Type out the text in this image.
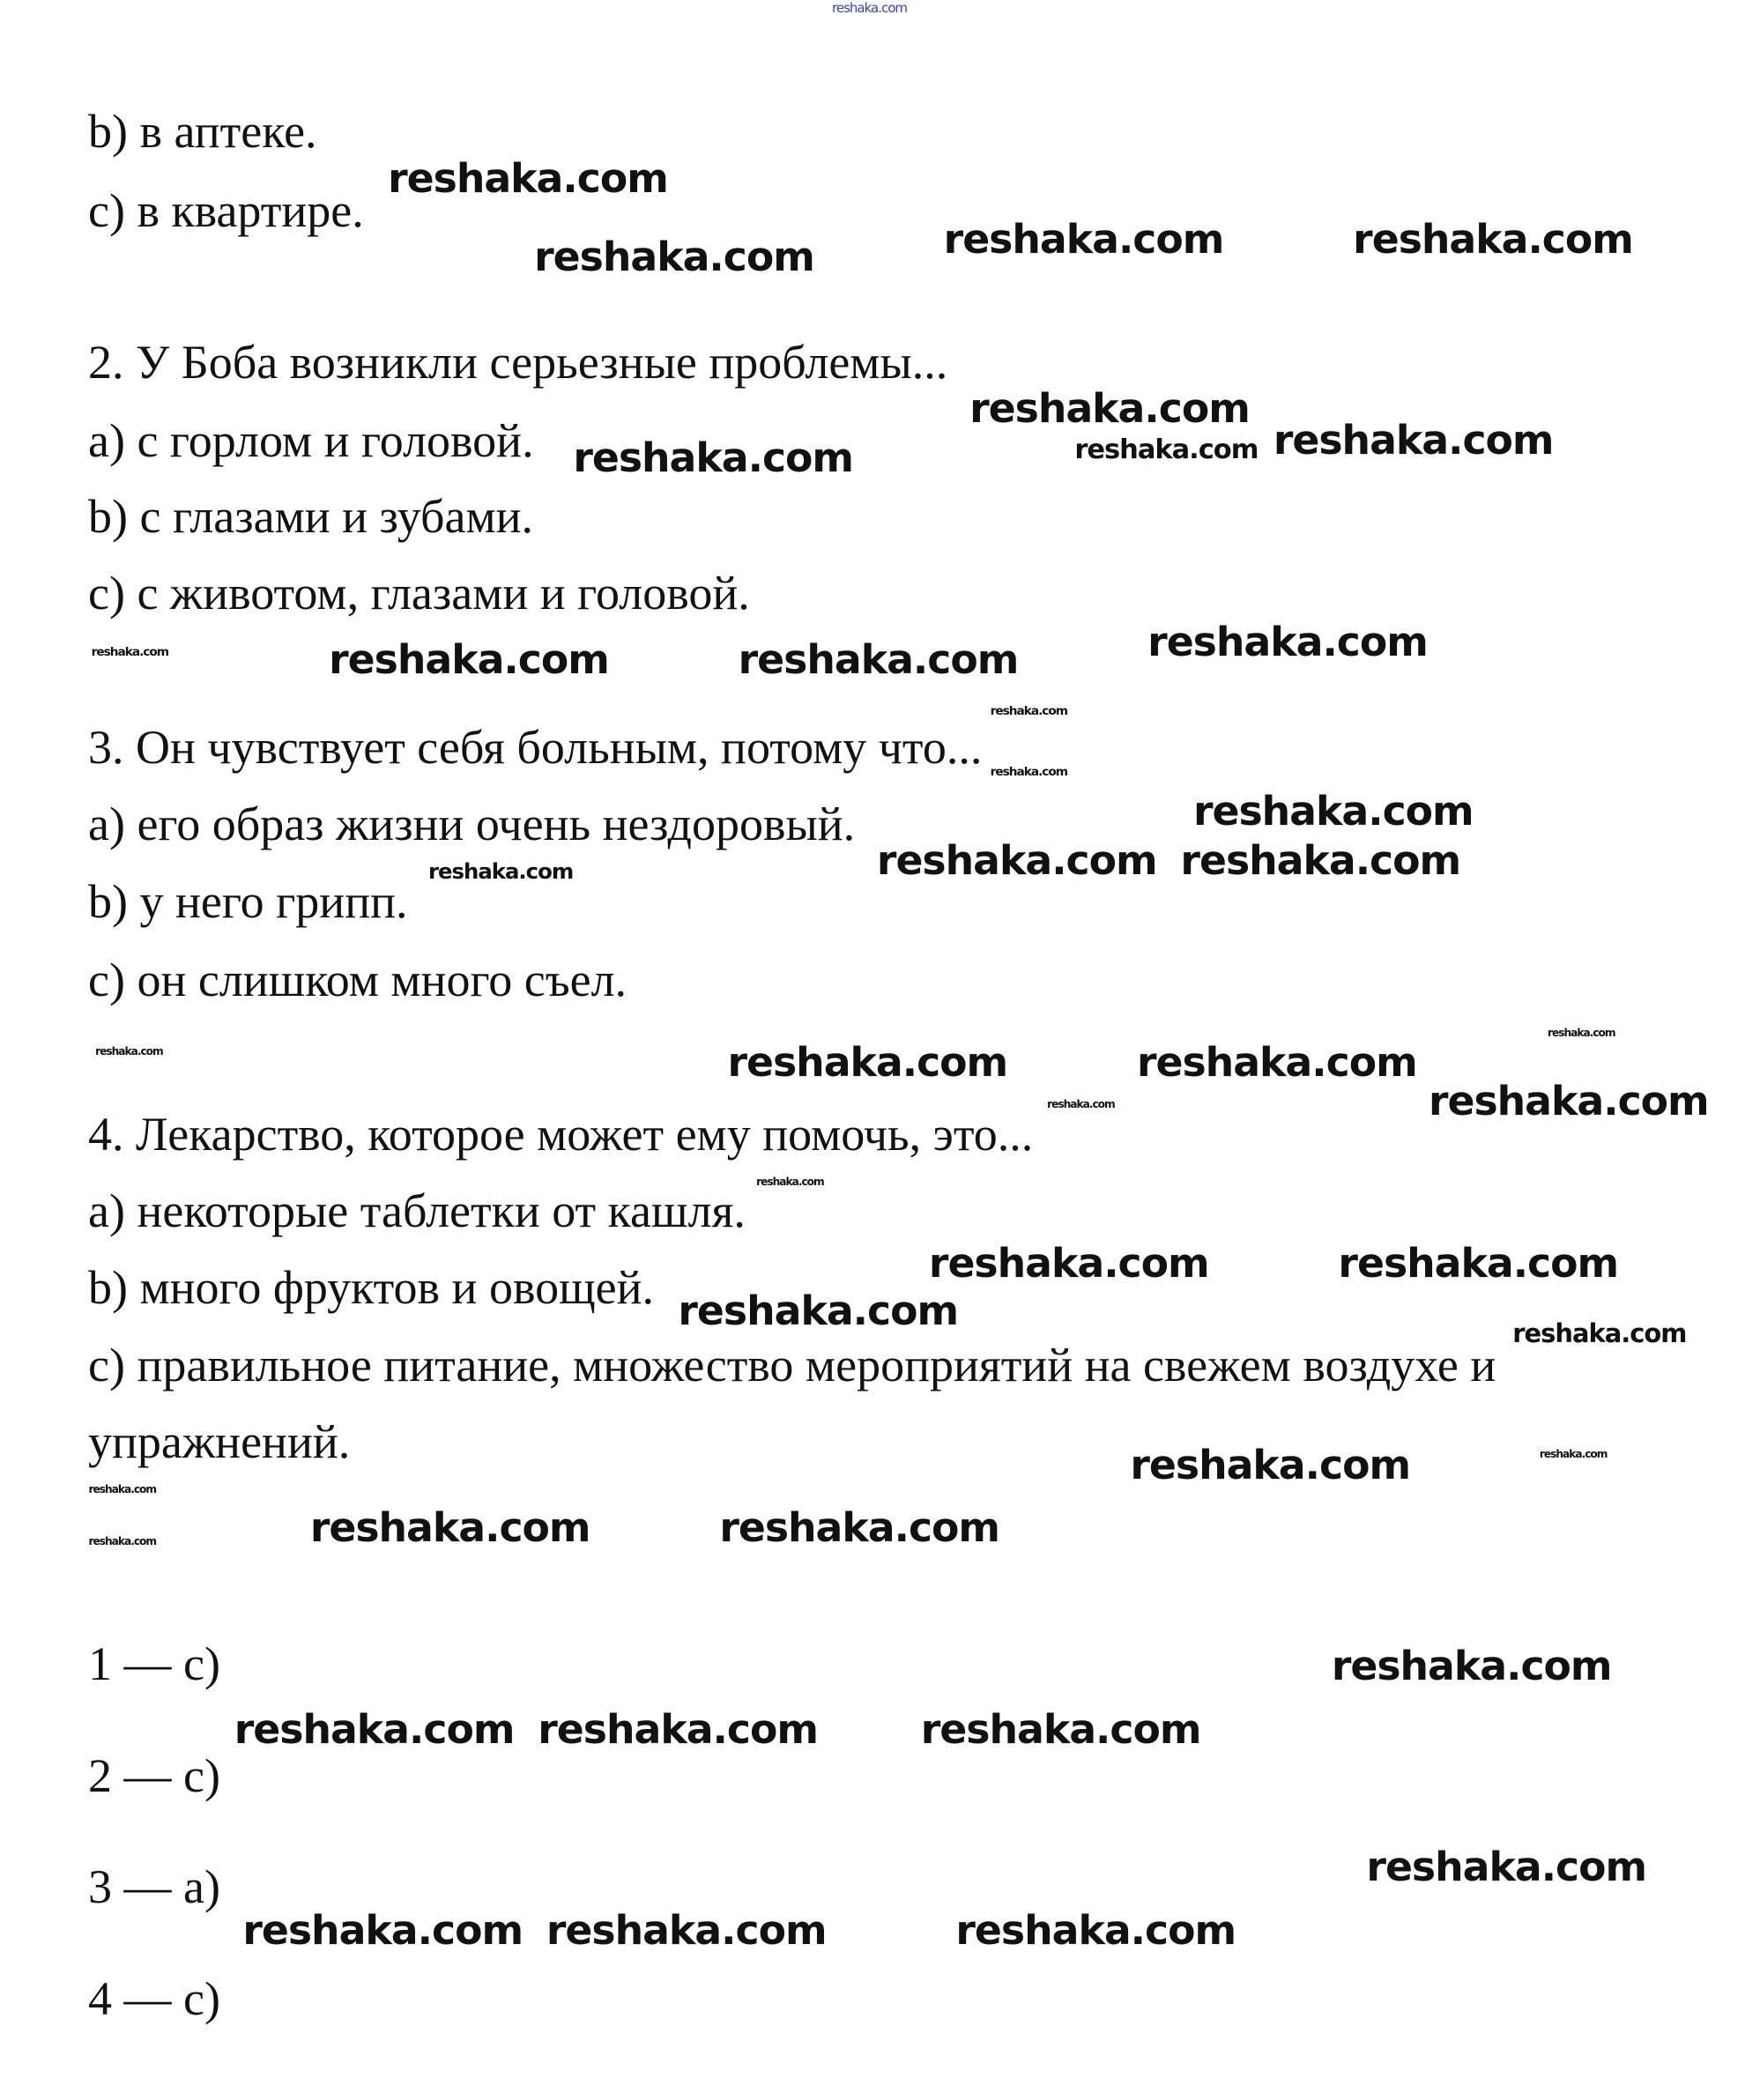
reshaka.com
b) в аптеке.
c) в квартире.
2. У Боба возникли серьезные проблемы...
a) с горлом и головой.
b) с глазами и зубами.
c) с животом, глазами и головой.
3. Он чувствует себя больным, потому что...
a) его образ жизни очень нездоровый.
b) у него грипп.
c) он слишком много съел.
4. Лекарство, которое может ему помочь, это...
a) некоторые таблетки от кашля.
b) много фруктов и овощей.
c) правильное питание, множество мероприятий на свежем воздухе и
упражнений.
1 — c)
2 — c)
3 — a)
4 — c)
reshaka.com
reshaka.com	reshaka.com	reshaka.com
reshaka.com
reshaka.com	reshaka.com
reshaka.com	reshaka.com	reshaka.com
reshaka.com reshaka.com
reshaka.com
reshaka.com	reshaka.com
reshaka.com
reshaka.com	reshaka.com
reshaka.com
reshaka.com
reshaka.com	reshaka.com
reshaka.com
reshaka.com reshaka.com	reshaka.com
reshaka.com
reshaka.com reshaka.com	reshaka.com
reshaka.com
reshaka.com
reshaka.com
reshaka.com
reshaka.com
reshaka.com
reshaka.com
reshaka.com
reshaka.com
reshaka.com
reshaka.com
reshaka.com
reshaka.com
